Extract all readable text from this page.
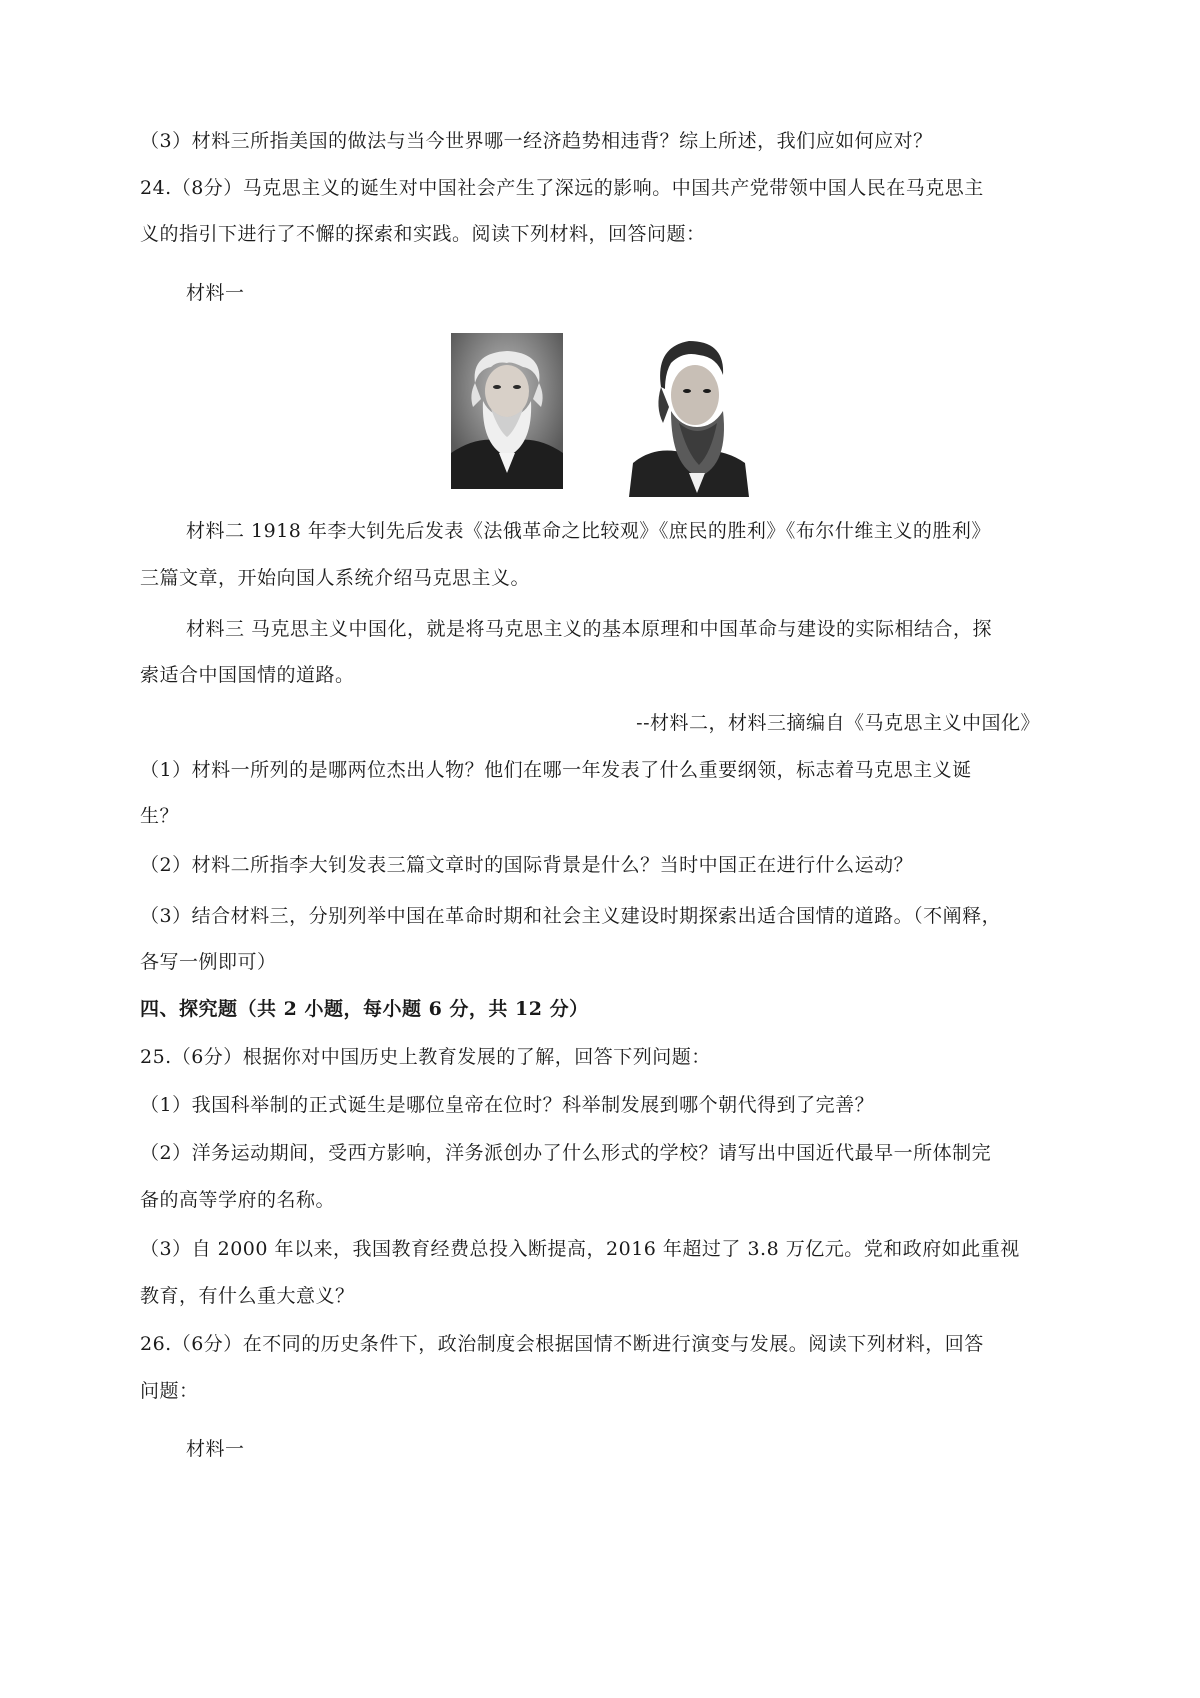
（3）材料三所指美国的做法与当今世界哪一经济趋势相违背？综上所述，我们应如何应对？
24.（8分）马克思主义的诞生对中国社会产生了深远的影响。中国共产党带领中国人民在马克思主
义的指引下进行了不懈的探索和实践。阅读下列材料，回答问题：
材料一
材料二 1918 年李大钊先后发表《法俄革命之比较观》《庶民的胜利》《布尔什维主义的胜利》
三篇文章，开始向国人系统介绍马克思主义。
材料三 马克思主义中国化，就是将马克思主义的基本原理和中国革命与建设的实际相结合，探
索适合中国国情的道路。
--材料二，材料三摘编自《马克思主义中国化》
（1）材料一所列的是哪两位杰出人物？他们在哪一年发表了什么重要纲领，标志着马克思主义诞
生？
（2）材料二所指李大钊发表三篇文章时的国际背景是什么？当时中国正在进行什么运动？
（3）结合材料三，分别列举中国在革命时期和社会主义建设时期探索出适合国情的道路。（不阐释，
各写一例即可）
四、探究题（共 2 小题，每小题 6 分，共 12 分）
25.（6分）根据你对中国历史上教育发展的了解，回答下列问题：
（1）我国科举制的正式诞生是哪位皇帝在位时？科举制发展到哪个朝代得到了完善？
（2）洋务运动期间，受西方影响，洋务派创办了什么形式的学校？请写出中国近代最早一所体制完
备的高等学府的名称。
（3）自 2000 年以来，我国教育经费总投入断提高，2016 年超过了 3.8 万亿元。党和政府如此重视
教育，有什么重大意义？
26.（6分）在不同的历史条件下，政治制度会根据国情不断进行演变与发展。阅读下列材料，回答
问题：
材料一
